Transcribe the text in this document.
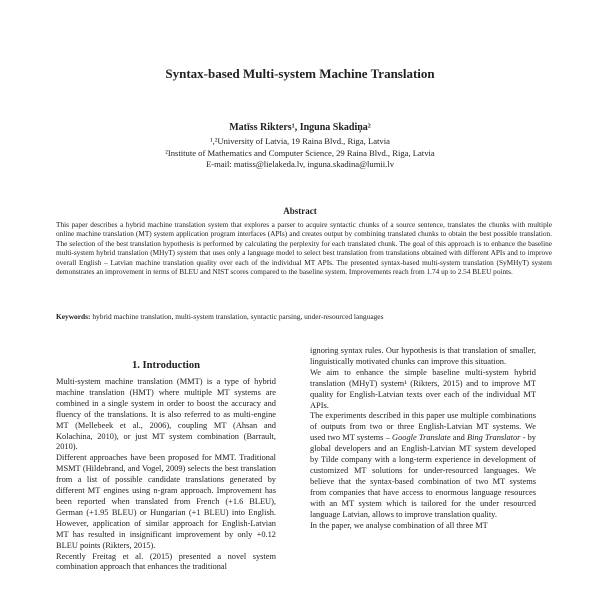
Syntax-based Multi-system Machine Translation
Matīss Rikters¹, Inguna Skadiņa²
¹,²University of Latvia, 19 Raina Blvd., Riga, Latvia
²Institute of Mathematics and Computer Science, 29 Raina Blvd., Riga, Latvia
E-mail: matiss@lielakeda.lv, inguna.skadina@lumii.lv
Abstract
This paper describes a hybrid machine translation system that explores a parser to acquire syntactic chunks of a source sentence, translates the chunks with multiple online machine translation (MT) system application program interfaces (APIs) and creates output by combining translated chunks to obtain the best possible translation. The selection of the best translation hypothesis is performed by calculating the perplexity for each translated chunk. The goal of this approach is to enhance the baseline multi-system hybrid translation (MHyT) system that uses only a language model to select best translation from translations obtained with different APIs and to improve overall English – Latvian machine translation quality over each of the individual MT APIs. The presented syntax-based multi-system translation (SyMHyT) system demonstrates an improvement in terms of BLEU and NIST scores compared to the baseline system. Improvements reach from 1.74 up to 2.54 BLEU points.
Keywords: hybrid machine translation, multi-system translation, syntactic parsing, under-resourced languages
1. Introduction

Multi-system machine translation (MMT) is a type of hybrid machine translation (HMT) where multiple MT systems are combined in a single system in order to boost the accuracy and fluency of the translations. It is also referred to as multi-engine MT (Mellebeek et al., 2006), coupling MT (Ahsan and Kolachina, 2010), or just MT system combination (Barrault, 2010).

Different approaches have been proposed for MMT. Traditional MSMT (Hildebrand, and Vogel, 2009) selects the best translation from a list of possible candidate translations generated by different MT engines using n-gram approach. Improvement has been reported when translated from French (+1.6 BLEU), German (+1.95 BLEU) or Hungarian (+1 BLEU) into English. However, application of similar approach for English-Latvian MT has resulted in insignificant improvement by only +0.12 BLEU points (Rikters, 2015).

Recently Freitag et al. (2015) presented a novel system combination approach that enhances the traditional

ignoring syntax rules. Our hypothesis is that translation of smaller, linguistically motivated chunks can improve this situation.

We aim to enhance the simple baseline multi-system hybrid translation (MHyT) system¹ (Rikters, 2015) and to improve MT quality for English-Latvian texts over each of the individual MT APIs.

The experiments described in this paper use multiple combinations of outputs from two or three English-Latvian MT systems. We used two MT systems – Google Translate and Bing Translator - by global developers and an English-Latvian MT system developed by Tilde company with a long-term experience in development of customized MT solutions for under-resourced languages. We believe that the syntax-based combination of two MT systems from companies that have access to enormous language resources with an MT system which is tailored for the under resourced language Latvian, allows to improve translation quality.

In the paper, we analyse combination of all three MT
